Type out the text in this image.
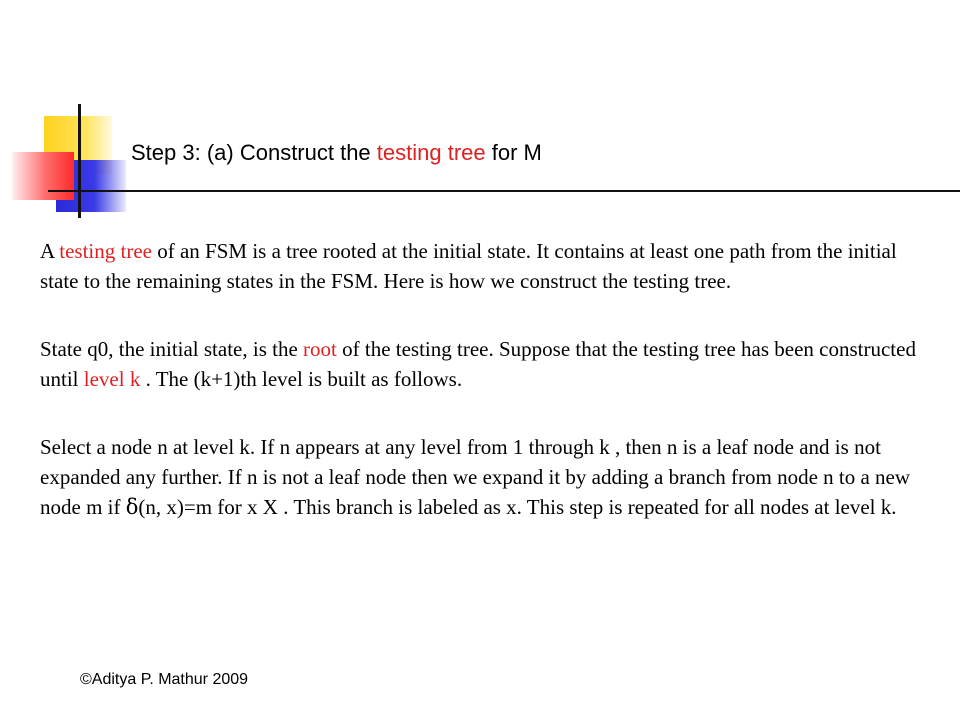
Step 3: (a) Construct the testing tree for M

A testing tree of an FSM is a tree rooted at the initial state. It contains at least one path from the initial state to the remaining states in the FSM. Here is how we construct the testing tree.

State q0, the initial state, is the root of the testing tree. Suppose that the testing tree has been constructed until level k . The (k+1)th level is built as follows.

Select a node n at level k. If n appears at any level from 1 through k , then n is a leaf node and is not expanded any further. If n is not a leaf node then we expand it by adding a branch from node n to a new node m if δ(n, x)=m for x X . This branch is labeled as x. This step is repeated for all nodes at level k.

©Aditya P. Mathur 2009
